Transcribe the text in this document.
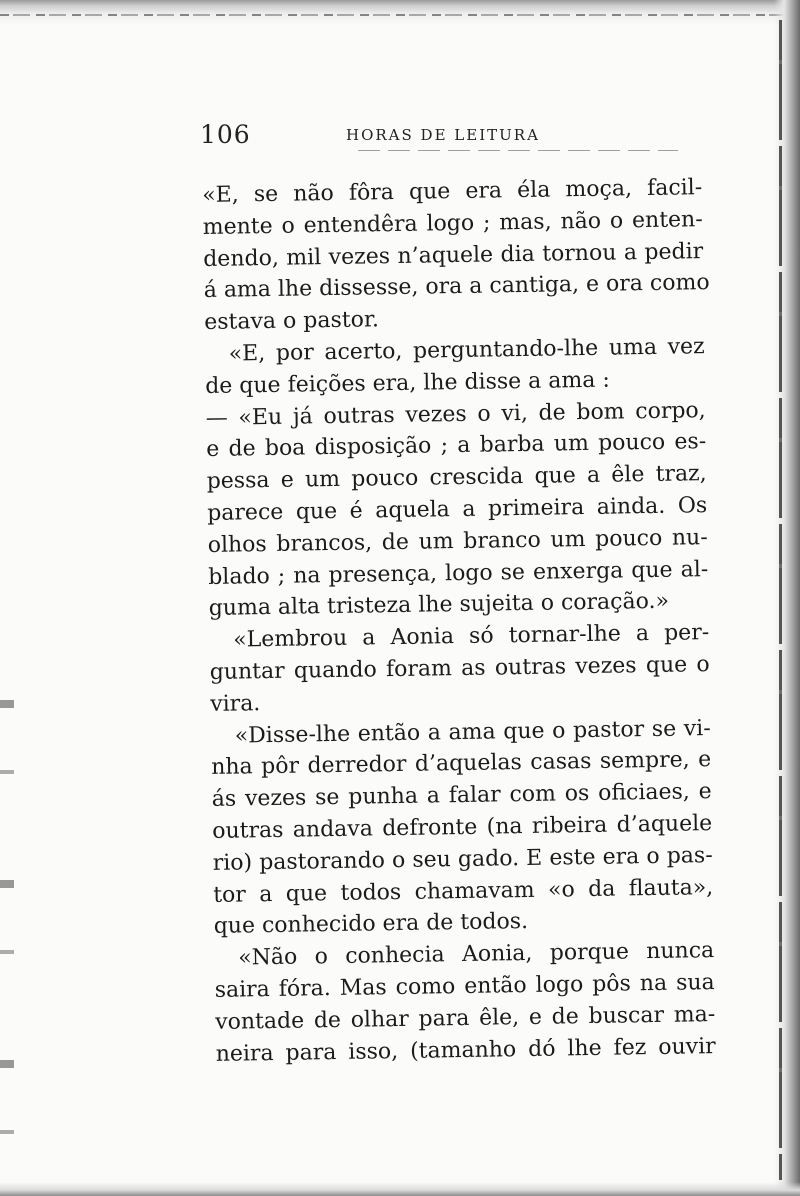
106	HORAS DE LEITURA
«E, se não fôra que era éla moça, facil-
mente o entendêra logo ; mas, não o enten-
dendo, mil vezes n’aquele dia tornou a pedir
á ama lhe dissesse, ora a cantiga, e ora como
estava o pastor.
«E, por acerto, perguntando-lhe uma vez
de que feições era, lhe disse a ama :
— «Eu já outras vezes o vi, de bom corpo,
e de boa disposição ; a barba um pouco es-
pessa e um pouco crescida que a êle traz,
parece que é aquela a primeira ainda. Os
olhos brancos, de um branco um pouco nu-
blado ; na presença, logo se enxerga que al-
guma alta tristeza lhe sujeita o coração.»
«Lembrou a Aonia só tornar-lhe a per-
guntar quando foram as outras vezes que o
vira.
«Disse-lhe então a ama que o pastor se vi-
nha pôr derredor d’aquelas casas sempre, e
ás vezes se punha a falar com os oficiaes, e
outras andava defronte (na ribeira d’aquele
rio) pastorando o seu gado. E este era o pas-
tor a que todos chamavam «o da flauta»,
que conhecido era de todos.
«Não o conhecia Aonia, porque nunca
saira fóra. Mas como então logo pôs na sua
vontade de olhar para êle, e de buscar ma-
neira para isso, (tamanho dó lhe fez ouvir
